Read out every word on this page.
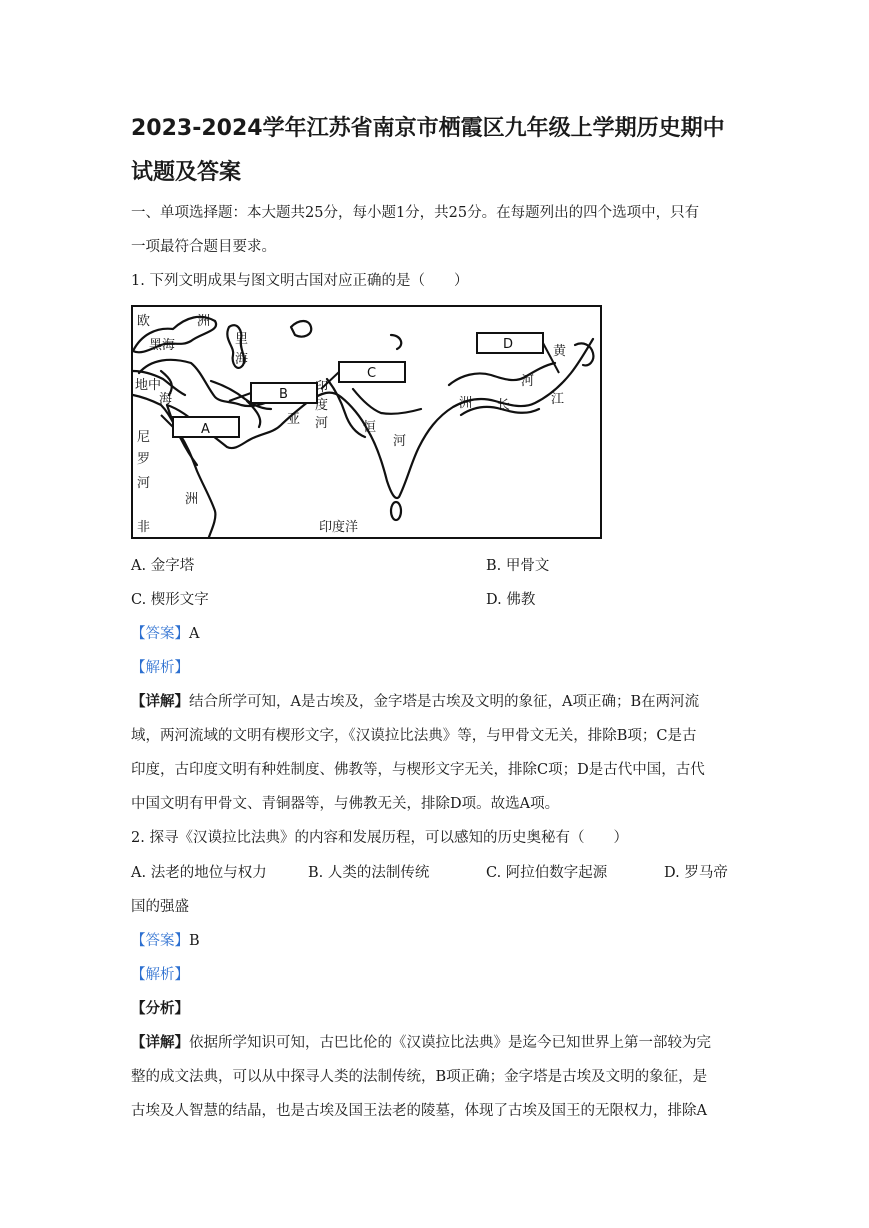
2023-2024学年江苏省南京市栖霞区九年级上学期历史期中
试题及答案
一、单项选择题：本大题共25分，每小题1分，共25分。在每题列出的四个选项中，只有
一项最符合题目要求。
1. 下列文明成果与图文明古国对应正确的是（　　）
欧	洲
黑海	里
海
地中
海
A
B
C
D
亚
印
度
河	恒
河
尼
罗
河
洲
非	印度洋
洲 长	江
黄
河
A. 金字塔	B. 甲骨文
C. 楔形文字	D. 佛教
【答案】A
【解析】
【详解】结合所学可知，A是古埃及，金字塔是古埃及文明的象征，A项正确；B在两河流
域，两河流域的文明有楔形文字，《汉谟拉比法典》等，与甲骨文无关，排除B项；C是古
印度，古印度文明有种姓制度、佛教等，与楔形文字无关，排除C项；D是古代中国，古代
中国文明有甲骨文、青铜器等，与佛教无关，排除D项。故选A项。
2. 探寻《汉谟拉比法典》的内容和发展历程，可以感知的历史奥秘有（　　）
A. 法老的地位与权力	B. 人类的法制传统	C. 阿拉伯数字起源	D. 罗马帝
国的强盛
【答案】B
【解析】
【分析】
【详解】依据所学知识可知，古巴比伦的《汉谟拉比法典》是迄今已知世界上第一部较为完
整的成文法典，可以从中探寻人类的法制传统，B项正确；金字塔是古埃及文明的象征，是
古埃及人智慧的结晶，也是古埃及国王法老的陵墓，体现了古埃及国王的无限权力，排除A
